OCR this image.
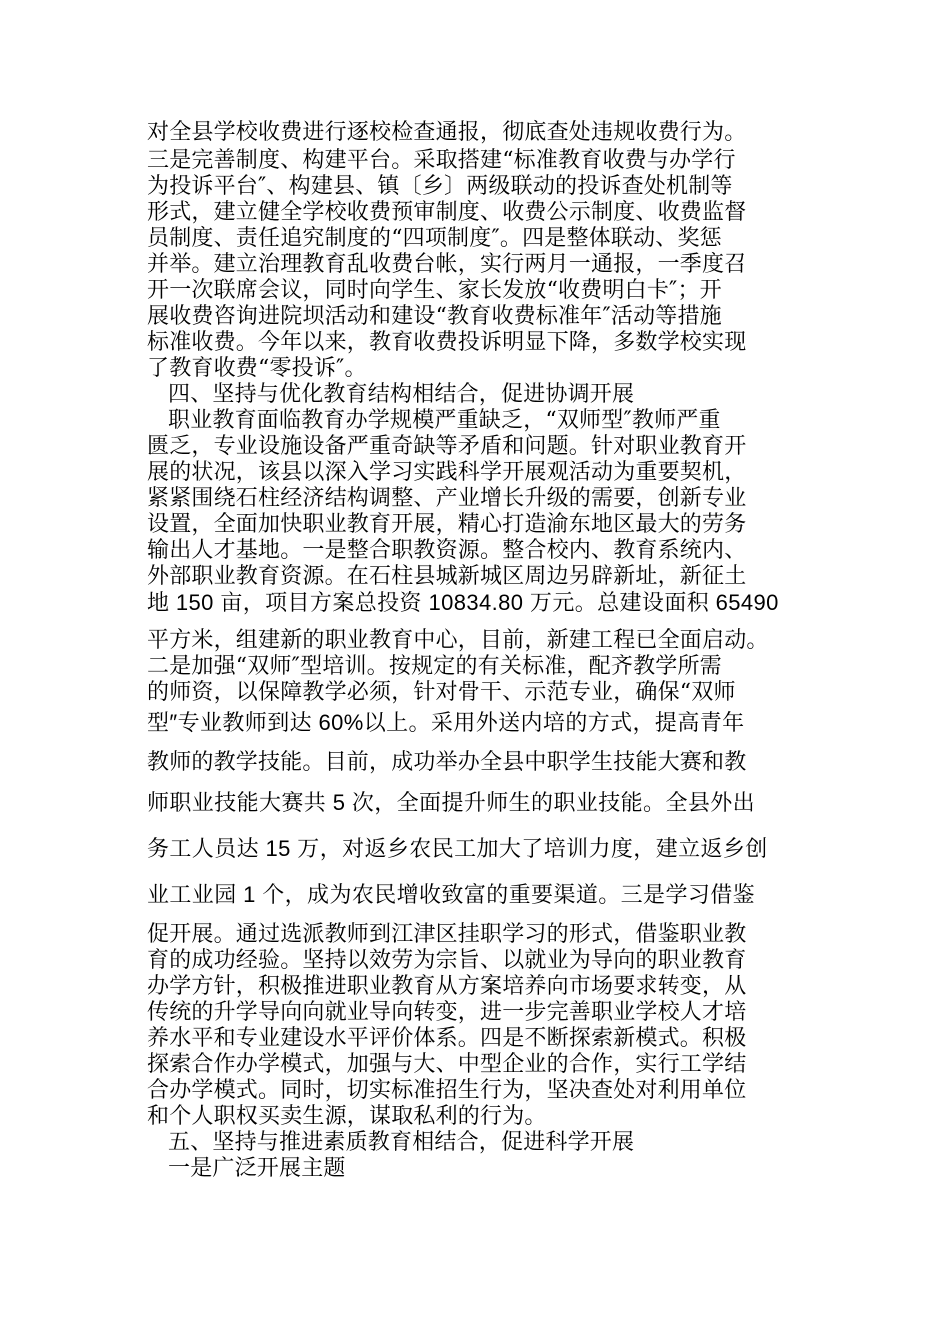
对全县学校收费进行逐校检查通报，彻底查处违规收费行为。

三是完善制度、构建平台。采取搭建“标准教育收费与办学行

为投诉平台″、构建县、镇〔乡〕两级联动的投诉查处机制等

形式，建立健全学校收费预审制度、收费公示制度、收费监督

员制度、责任追究制度的“四项制度″。四是整体联动、奖惩

并举。建立治理教育乱收费台帐，实行两月一通报，一季度召

开一次联席会议，同时向学生、家长发放“收费明白卡″；开

展收费咨询进院坝活动和建设“教育收费标准年″活动等措施

标准收费。今年以来，教育收费投诉明显下降，多数学校实现

了教育收费“零投诉″。

四、坚持与优化教育结构相结合，促进协调开展

职业教育面临教育办学规模严重缺乏，“双师型″教师严重

匮乏，专业设施设备严重奇缺等矛盾和问题。针对职业教育开

展的状况，该县以深入学习实践科学开展观活动为重要契机，

紧紧围绕石柱经济结构调整、产业增长升级的需要，创新专业

设置，全面加快职业教育开展，精心打造渝东地区最大的劳务

输出人才基地。一是整合职教资源。整合校内、教育系统内、

外部职业教育资源。在石柱县城新城区周边另辟新址，新征土

地 150 亩，项目方案总投资 10834.80 万元。总建设面积 65490

平方米，组建新的职业教育中心，目前，新建工程已全面启动。

二是加强“双师″型培训。按规定的有关标准，配齐教学所需

的师资，以保障教学必须，针对骨干、示范专业，确保“双师

型″专业教师到达 60%以上。采用外送内培的方式，提高青年

教师的教学技能。目前，成功举办全县中职学生技能大赛和教

师职业技能大赛共 5 次，全面提升师生的职业技能。全县外出

务工人员达 15 万，对返乡农民工加大了培训力度，建立返乡创

业工业园 1 个，成为农民增收致富的重要渠道。三是学习借鉴

促开展。通过选派教师到江津区挂职学习的形式，借鉴职业教

育的成功经验。坚持以效劳为宗旨、以就业为导向的职业教育

办学方针，积极推进职业教育从方案培养向市场要求转变，从

传统的升学导向向就业导向转变，进一步完善职业学校人才培

养水平和专业建设水平评价体系。四是不断探索新模式。积极

探索合作办学模式，加强与大、中型企业的合作，实行工学结

合办学模式。同时，切实标准招生行为，坚决查处对利用单位

和个人职权买卖生源，谋取私利的行为。

五、坚持与推进素质教育相结合，促进科学开展

一是广泛开展主题
